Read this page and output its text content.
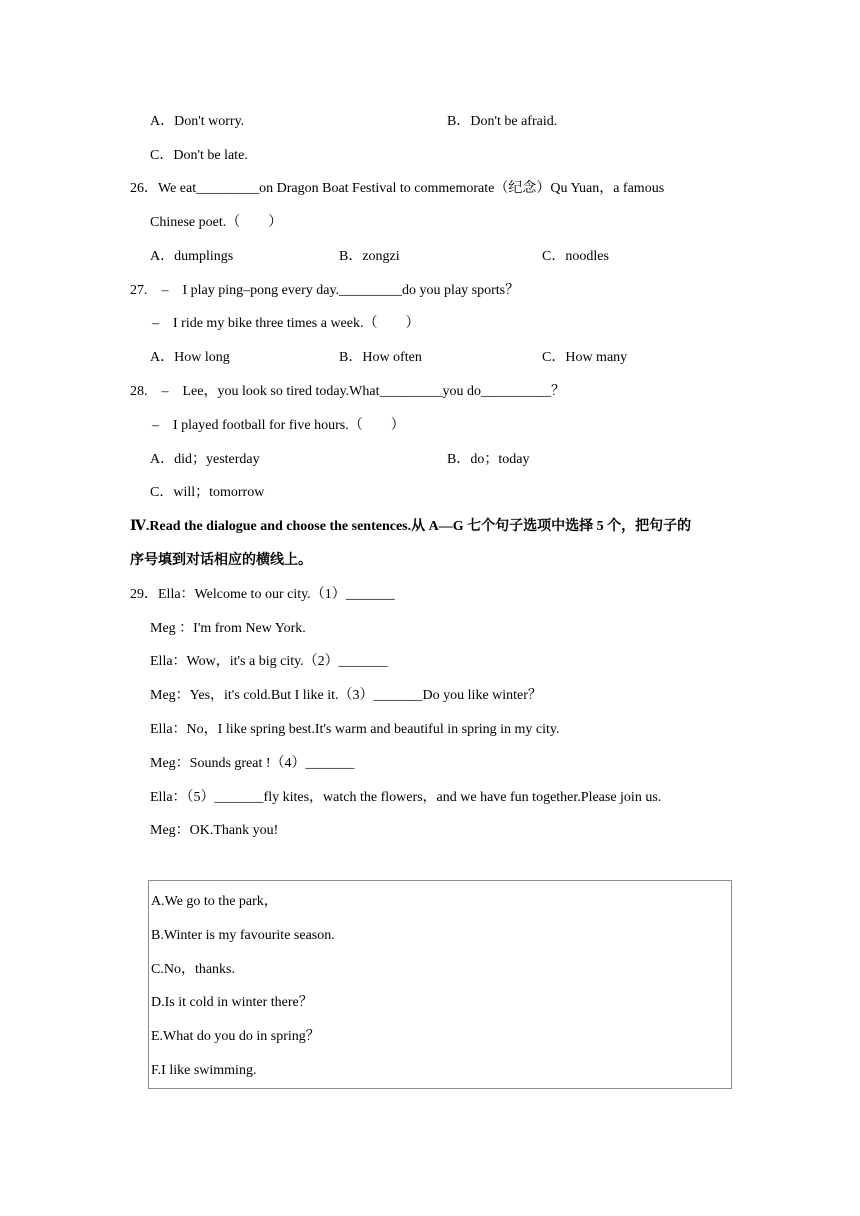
A．Don't worry.	B．Don't be afraid.
C．Don't be late.
26．We eat_________on Dragon Boat Festival to commemorate（纪念）Qu Yuan，a famous
Chinese poet.（　　）
A．dumplings	B．zongzi	C．noodles
27.　–　I play ping–pong every day._________do you play sports？
–　I ride my bike three times a week.（　　）
A．How long	B．How often	C．How many
28.　–　Lee，you look so tired today.What_________you do__________？
–　I played football for five hours.（　　）
A．did；yesterday	B．do；today
C．will；tomorrow
Ⅳ.Read the dialogue and choose the sentences.从 A—G 七个句子选项中选择 5 个，把句子的
序号填到对话相应的横线上。
29．Ella：Welcome to our city.（1）_______
Meg ：I'm from New York.
Ella：Wow，it's a big city.（2）_______
Meg：Yes，it's cold.But I like it.（3）_______Do you like winter？
Ella：No，I like spring best.It's warm and beautiful in spring in my city.
Meg：Sounds great !（4）_______
Ella：（5）_______fly kites，watch the flowers，and we have fun together.Please join us.
Meg：OK.Thank you!
A.We go to the park，
B.Winter is my favourite season.
C.No，thanks.
D.Is it cold in winter there？
E.What do you do in spring？
F.I like swimming.
